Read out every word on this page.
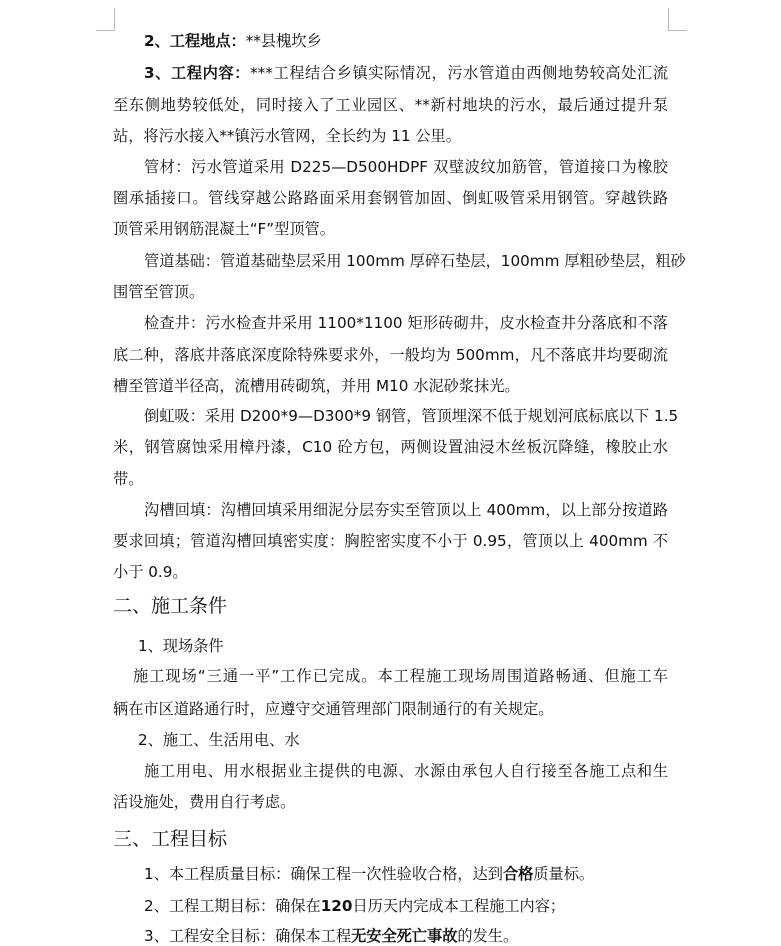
2、工程地点：**县槐坎乡
3、工程内容：***工程结合乡镇实际情况，污水管道由西侧地势较高处汇流
至东侧地势较低处，同时接入了工业园区、**新村地块的污水，最后通过提升泵
站，将污水接入**镇污水管网，全长约为 11 公里。
管材：污水管道采用 D225—D500HDPF 双壁波纹加筋管，管道接口为橡胶
圈承插接口。管线穿越公路路面采用套钢管加固、倒虹吸管采用钢管。穿越铁路
顶管采用钢筋混凝土“F”型顶管。
管道基础：管道基础垫层采用 100mm 厚碎石垫层，100mm 厚粗砂垫层，粗砂
围管至管顶。
检查井：污水检查井采用 1100*1100 矩形砖砌井，皮水检查井分落底和不落
底二种，落底井落底深度除特殊要求外，一般均为 500mm，凡不落底井均要砌流
槽至管道半径高，流槽用砖砌筑，并用 M10 水泥砂浆抹光。
倒虹吸：采用 D200*9—D300*9 钢管，管顶埋深不低于规划河底标底以下 1.5
米，钢管腐蚀采用樟丹漆，C10 砼方包，两侧设置油浸木丝板沉降缝，橡胶止水
带。
沟槽回填：沟槽回填采用细泥分层夯实至管顶以上 400mm，以上部分按道路
要求回填；管道沟槽回填密实度：胸腔密实度不小于 0.95，管顶以上 400mm 不
小于 0.9。
二、施工条件
1、现场条件
施工现场“三通一平”工作已完成。本工程施工现场周围道路畅通、但施工车
辆在市区道路通行时，应遵守交通管理部门限制通行的有关规定。
2、施工、生活用电、水
施工用电、用水根据业主提供的电源、水源由承包人自行接至各施工点和生
活设施处，费用自行考虑。
三、工程目标
1、本工程质量目标：确保工程一次性验收合格，达到合格质量标。
2、工程工期目标：确保在120日历天内完成本工程施工内容；
3、工程安全目标：确保本工程无安全死亡事故的发生。
